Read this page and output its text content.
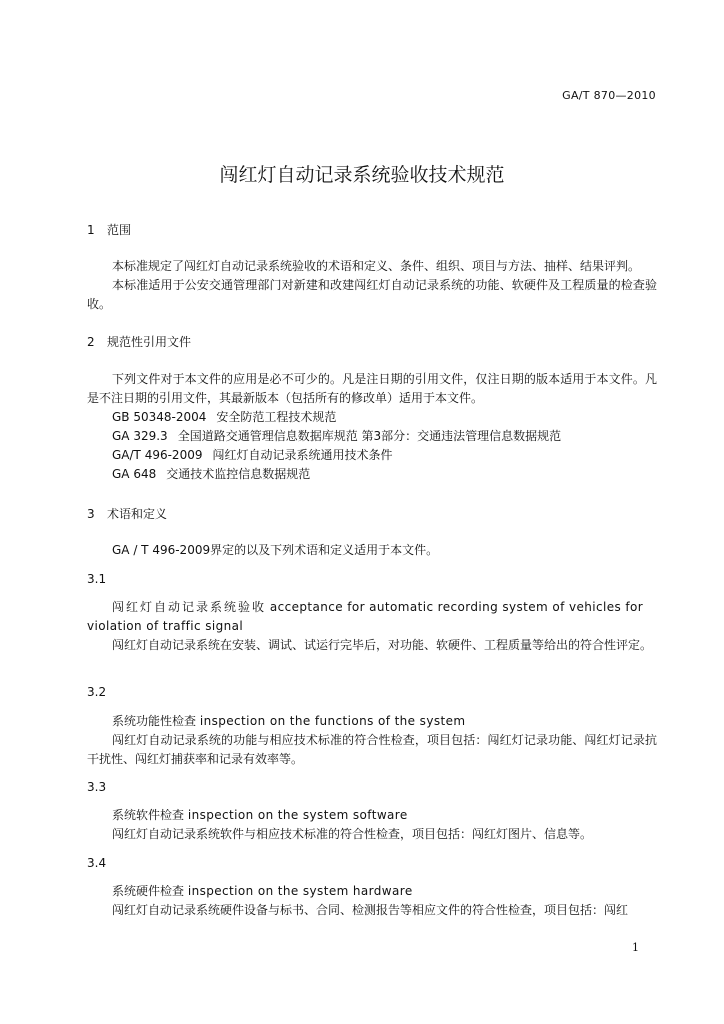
GA/T 870—2010
闯红灯自动记录系统验收技术规范
1 范围
本标准规定了闯红灯自动记录系统验收的术语和定义、条件、组织、项目与方法、抽样、结果评判。
本标准适用于公安交通管理部门对新建和改建闯红灯自动记录系统的功能、软硬件及工程质量的检查验收。
2 规范性引用文件
下列文件对于本文件的应用是必不可少的。凡是注日期的引用文件，仅注日期的版本适用于本文件。凡是不注日期的引用文件，其最新版本（包括所有的修改单）适用于本文件。
GB 50348-2004 安全防范工程技术规范
GA 329.3 全国道路交通管理信息数据库规范 第3部分：交通违法管理信息数据规范
GA/T 496-2009 闯红灯自动记录系统通用技术条件
GA 648 交通技术监控信息数据规范
3 术语和定义
GA / T 496-2009界定的以及下列术语和定义适用于本文件。
3.1
闯红灯自动记录系统验收 acceptance for automatic recording system of vehicles for violation of traffic signal
闯红灯自动记录系统在安装、调试、试运行完毕后，对功能、软硬件、工程质量等给出的符合性评定。
3.2
系统功能性检查 inspection on the functions of the system
闯红灯自动记录系统的功能与相应技术标准的符合性检查，项目包括：闯红灯记录功能、闯红灯记录抗干扰性、闯红灯捕获率和记录有效率等。
3.3
系统软件检查 inspection on the system software
闯红灯自动记录系统软件与相应技术标准的符合性检查，项目包括：闯红灯图片、信息等。
3.4
系统硬件检查 inspection on the system hardware
闯红灯自动记录系统硬件设备与标书、合同、检测报告等相应文件的符合性检查，项目包括：闯红
1
